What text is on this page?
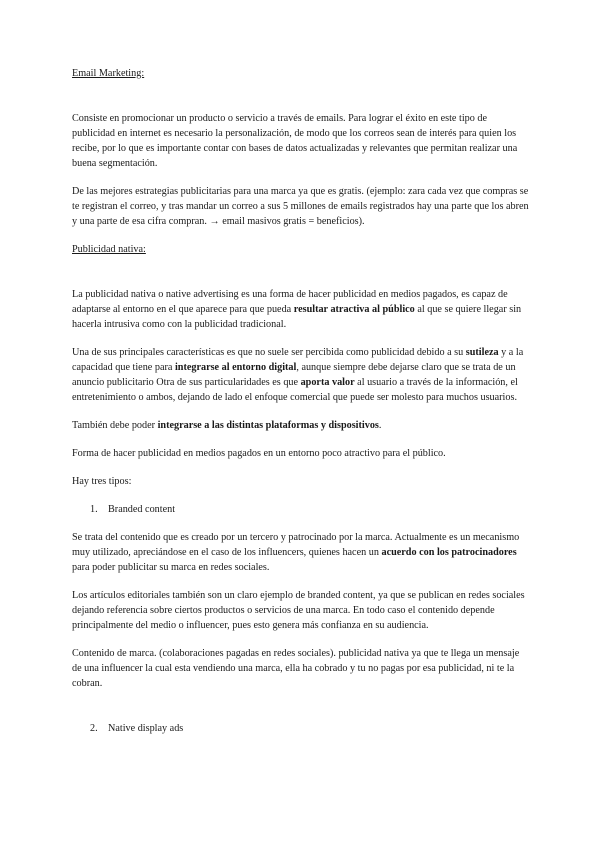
Email Marketing:

Consiste en promocionar un producto o servicio a través de emails. Para lograr el éxito en este tipo de publicidad en internet es necesario la personalización, de modo que los correos sean de interés para quien los recibe, por lo que es importante contar con bases de datos actualizadas y relevantes que permitan realizar una buena segmentación.

De las mejores estrategias publicitarias para una marca ya que es gratis. (ejemplo: zara cada vez que compras se te registran el correo, y tras mandar un correo a sus 5 millones de emails registrados hay una parte que los abren y una parte de esa cifra compran. → email masivos gratis = beneficios).

Publicidad nativa:

La publicidad nativa o native advertising es una forma de hacer publicidad en medios pagados, es capaz de adaptarse al entorno en el que aparece para que pueda resultar atractiva al público al que se quiere llegar sin hacerla intrusiva como con la publicidad tradicional.

Una de sus principales características es que no suele ser percibida como publicidad debido a su sutileza y a la capacidad que tiene para integrarse al entorno digital, aunque siempre debe dejarse claro que se trata de un anuncio publicitario Otra de sus particularidades es que aporta valor al usuario a través de la información, el entretenimiento o ambos, dejando de lado el enfoque comercial que puede ser molesto para muchos usuarios.

También debe poder integrarse a las distintas plataformas y dispositivos.

Forma de hacer publicidad en medios pagados en un entorno poco atractivo para el público.

Hay tres tipos:

1.	Branded content

Se trata del contenido que es creado por un tercero y patrocinado por la marca. Actualmente es un mecanismo muy utilizado, apreciándose en el caso de los influencers, quienes hacen un acuerdo con los patrocinadores para poder publicitar su marca en redes sociales.

Los artículos editoriales también son un claro ejemplo de branded content, ya que se publican en redes sociales dejando referencia sobre ciertos productos o servicios de una marca. En todo caso el contenido depende principalmente del medio o influencer, pues esto genera más confianza en su audiencia.

Contenido de marca. (colaboraciones pagadas en redes sociales). publicidad nativa ya que te llega un mensaje de una influencer la cual esta vendiendo una marca, ella ha cobrado y tu no pagas por esa publicidad, ni te la cobran.

2.	Native display ads
